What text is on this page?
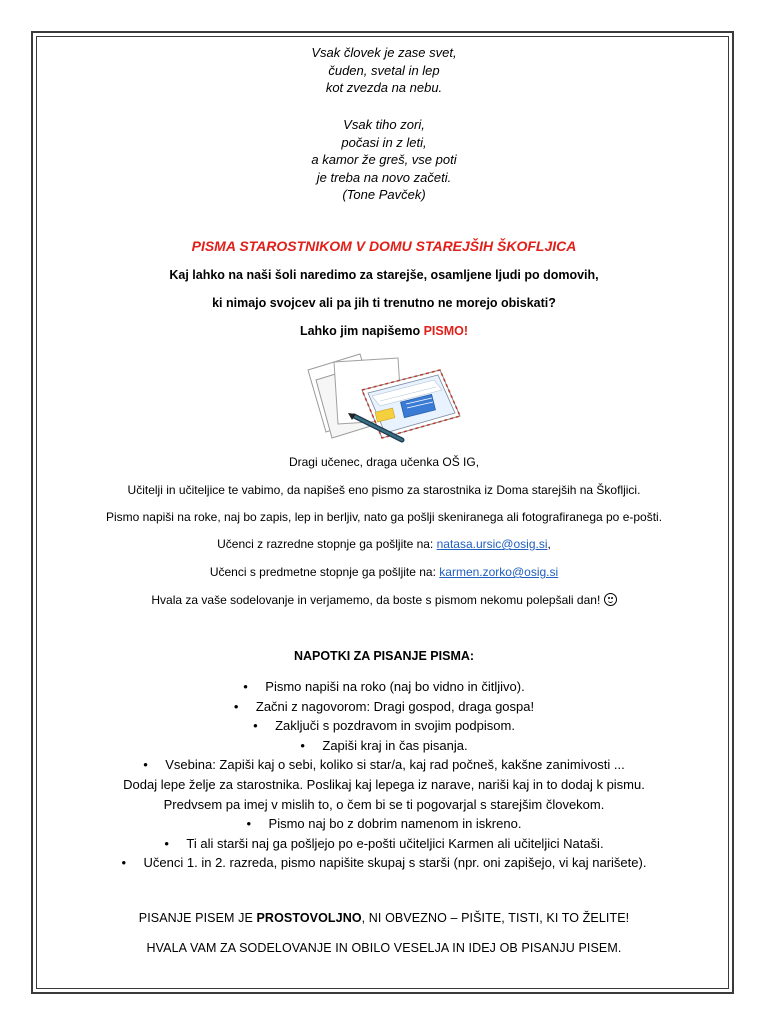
Vsak človek je zase svet,
čuden, svetal in lep
kot zvezda na nebu.
Vsak tiho zori,
počasi in z leti,
a kamor že greš, vse poti
je treba na novo začeti.
(Tone Pavček)
PISMA STAROSTNIKOM V DOMU STAREJŠIH ŠKOFLJICA
Kaj lahko na naši šoli naredimo za starejše, osamljene ljudi po domovih,
ki nimajo svojcev ali pa jih ti trenutno ne morejo obiskati?
Lahko jim napišemo PISMO!
Dragi učenec, draga učenka OŠ IG,
Učitelji in učiteljice te vabimo, da napišeš eno pismo za starostnika iz Doma starejših na Škofljici.
Pismo napiši na roke, naj bo zapis, lep in berljiv, nato ga pošlji skeniranega ali fotografiranega po e-pošti.
Učenci z razredne stopnje ga pošljite na: natasa.ursic@osig.si,
Učenci s predmetne stopnje ga pošljite na: karmen.zorko@osig.si
Hvala za vaše sodelovanje in verjamemo, da boste s pismom nekomu polepšali dan!
NAPOTKI ZA PISANJE PISMA:
• Pismo napiši na roko (naj bo vidno in čitljivo).
• Začni z nagovorom: Dragi gospod, draga gospa!
• Zaključi s pozdravom in svojim podpisom.
• Zapiši kraj in čas pisanja.
• Vsebina: Zapiši kaj o sebi, koliko si star/a, kaj rad počneš, kakšne zanimivosti ...
Dodaj lepe želje za starostnika. Poslikaj kaj lepega iz narave, nariši kaj in to dodaj k pismu.
Predvsem pa imej v mislih to, o čem bi se ti pogovarjal s starejšim človekom.
• Pismo naj bo z dobrim namenom in iskreno.
• Ti ali starši naj ga pošljejo po e-pošti učiteljici Karmen ali učiteljici Nataši.
• Učenci 1. in 2. razreda, pismo napišite skupaj s starši (npr. oni zapišejo, vi kaj narišete).
PISANJE PISEM JE PROSTOVOLJNO, NI OBVEZNO – PIŠITE, TISTI, KI TO ŽELITE!
HVALA VAM ZA SODELOVANJE IN OBILO VESELJA IN IDEJ OB PISANJU PISEM.
